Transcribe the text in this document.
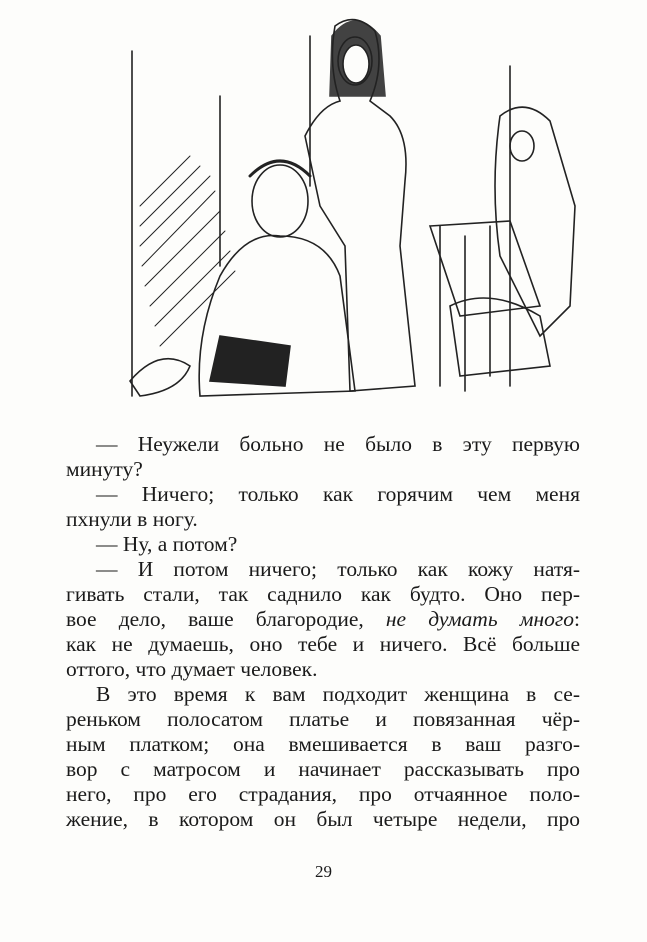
— Неужели больно не было в эту первую
минуту?

— Ничего; только как горячим чем меня
пхнули в ногу.

— Ну, а потом?

— И потом ничего; только как кожу натя-
гивать стали, так саднило как будто. Оно пер-
вое дело, ваше благородие, не думать много:
как не думаешь, оно тебе и ничего. Всё больше
оттого, что думает человек.

В это время к вам подходит женщина в се-
реньком полосатом платье и повязанная чёр-
ным платком; она вмешивается в ваш разго-
вор с матросом и начинает рассказывать про
него, про его страдания, про отчаянное поло-
жение, в котором он был четыре недели, про

29
